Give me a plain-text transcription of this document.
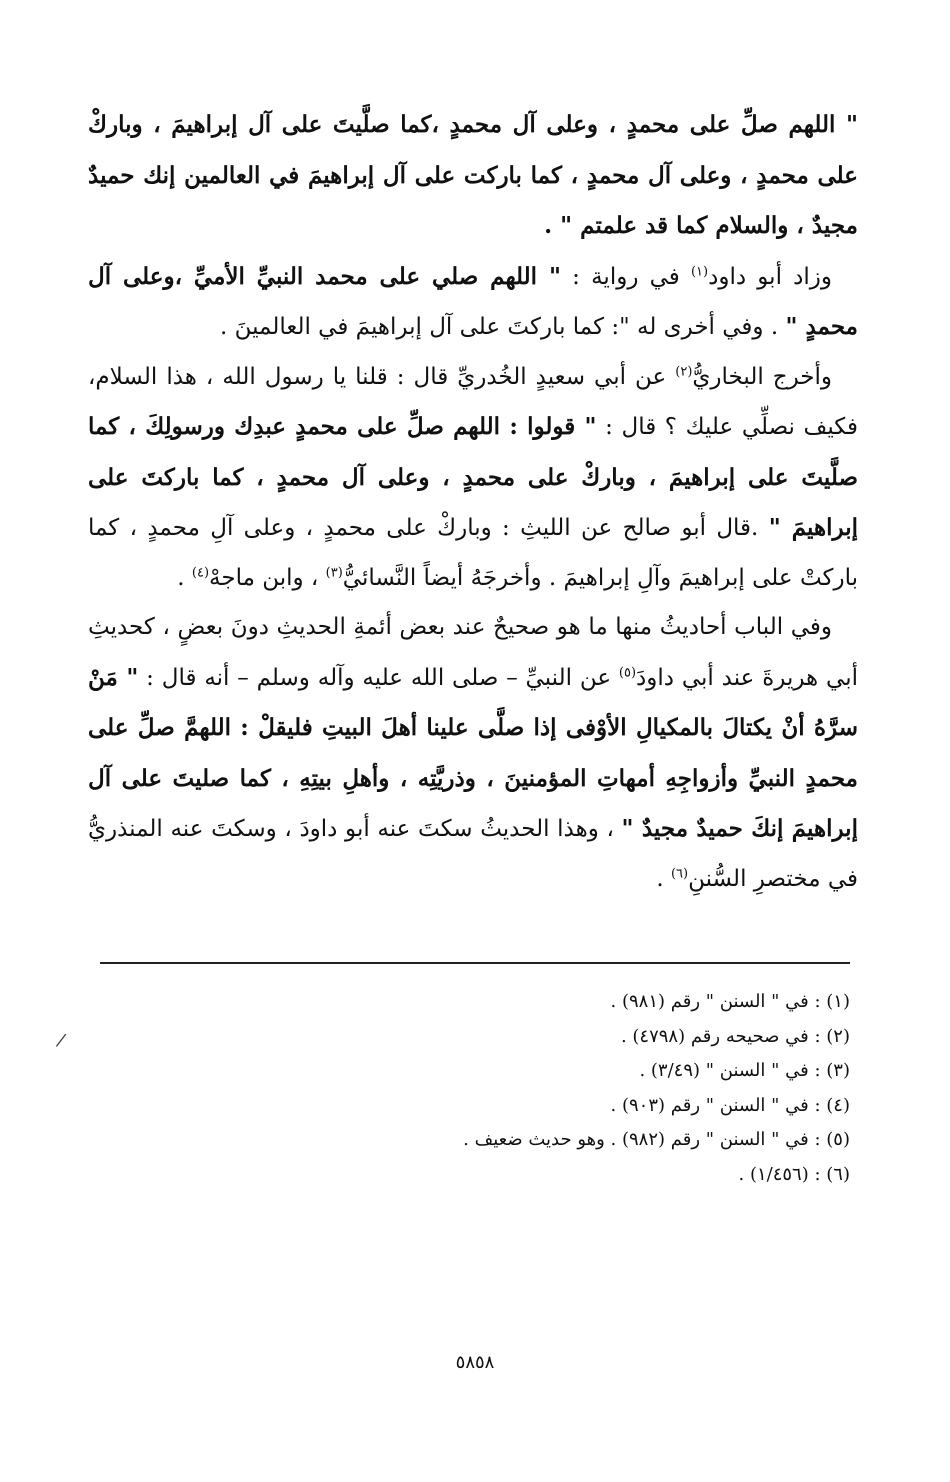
" اللهم صلِّ على محمدٍ ، وعلى آل محمدٍ ،كما صلَّيتَ على آل إبراهيمَ ، وباركْ على محمدٍ ، وعلى آل محمدٍ ، كما باركت على آل إبراهيمَ في العالمين إنك حميدٌ مجيدٌ ، والسلام كما قد علمتم " .

وزاد أبو داود$^{(١)}$ في رواية : " اللهم صلي على محمد النبيِّ الأميِّ ،وعلى آل محمدٍ " . وفي أخرى له ": كما باركتَ على آل إبراهيمَ في العالمينَ .

وأخرج البخاريُّ$^{(٢)}$ عن أبي سعيدٍ الخُدريِّ قال : قلنا يا رسول الله ، هذا السلام، فكيف نصلِّي عليك ؟ قال : " قولوا : اللهم صلِّ على محمدٍ عبدِك ورسولِكَ ، كما صلَّيتَ على إبراهيمَ ، وباركْ على محمدٍ ، وعلى آل محمدٍ ، كما باركتَ على إبراهيمَ " .قال أبو صالح عن الليثِ : وباركْ على محمدٍ ، وعلى آلِ محمدٍ ، كما باركتْ على إبراهيمَ وآلِ إبراهيمَ . وأخرجَهُ أيضاً النَّسائيُّ$^{(٣)}$ ، وابن ماجهْ$^{(٤)}$ .

وفي الباب أحاديثُ منها ما هو صحيحٌ عند بعض أئمةِ الحديثِ دونَ بعضٍ ، كحديثِ أبي هريرةَ عند أبي داودَ$^{(٥)}$ عن النبيِّ – صلى الله عليه وآله وسلم – أنه قال : " مَنْ سرَّهُ أنْ يكتالَ بالمكيالِ الأوْفى إذا صلَّى علينا أهلَ البيتِ فليقلْ : اللهمَّ صلِّ على محمدٍ النبيِّ وأزواجِهِ أمهاتِ المؤمنينَ ، وذريَّتِه ، وأهلِ بيتِهِ ، كما صليتَ على آل إبراهيمَ إنكَ حميدٌ مجيدٌ " ، وهذا الحديثُ سكتَ عنه أبو داودَ ، وسكتَ عنه المنذريُّ في مختصرِ السُّننِ$^{(٦)}$ .

(١) : في " السنن " رقم (٩٨١) .
(٢) : في صحيحه رقم (٤٧٩٨) .
(٣) : في " السنن " (٣/٤٩) .
(٤) : في " السنن " رقم (٩٠٣) .
(٥) : في " السنن " رقم (٩٨٢) . وهو حديث ضعيف .
(٦) : (١/٤٥٦) .
/
٥٨٥٨
